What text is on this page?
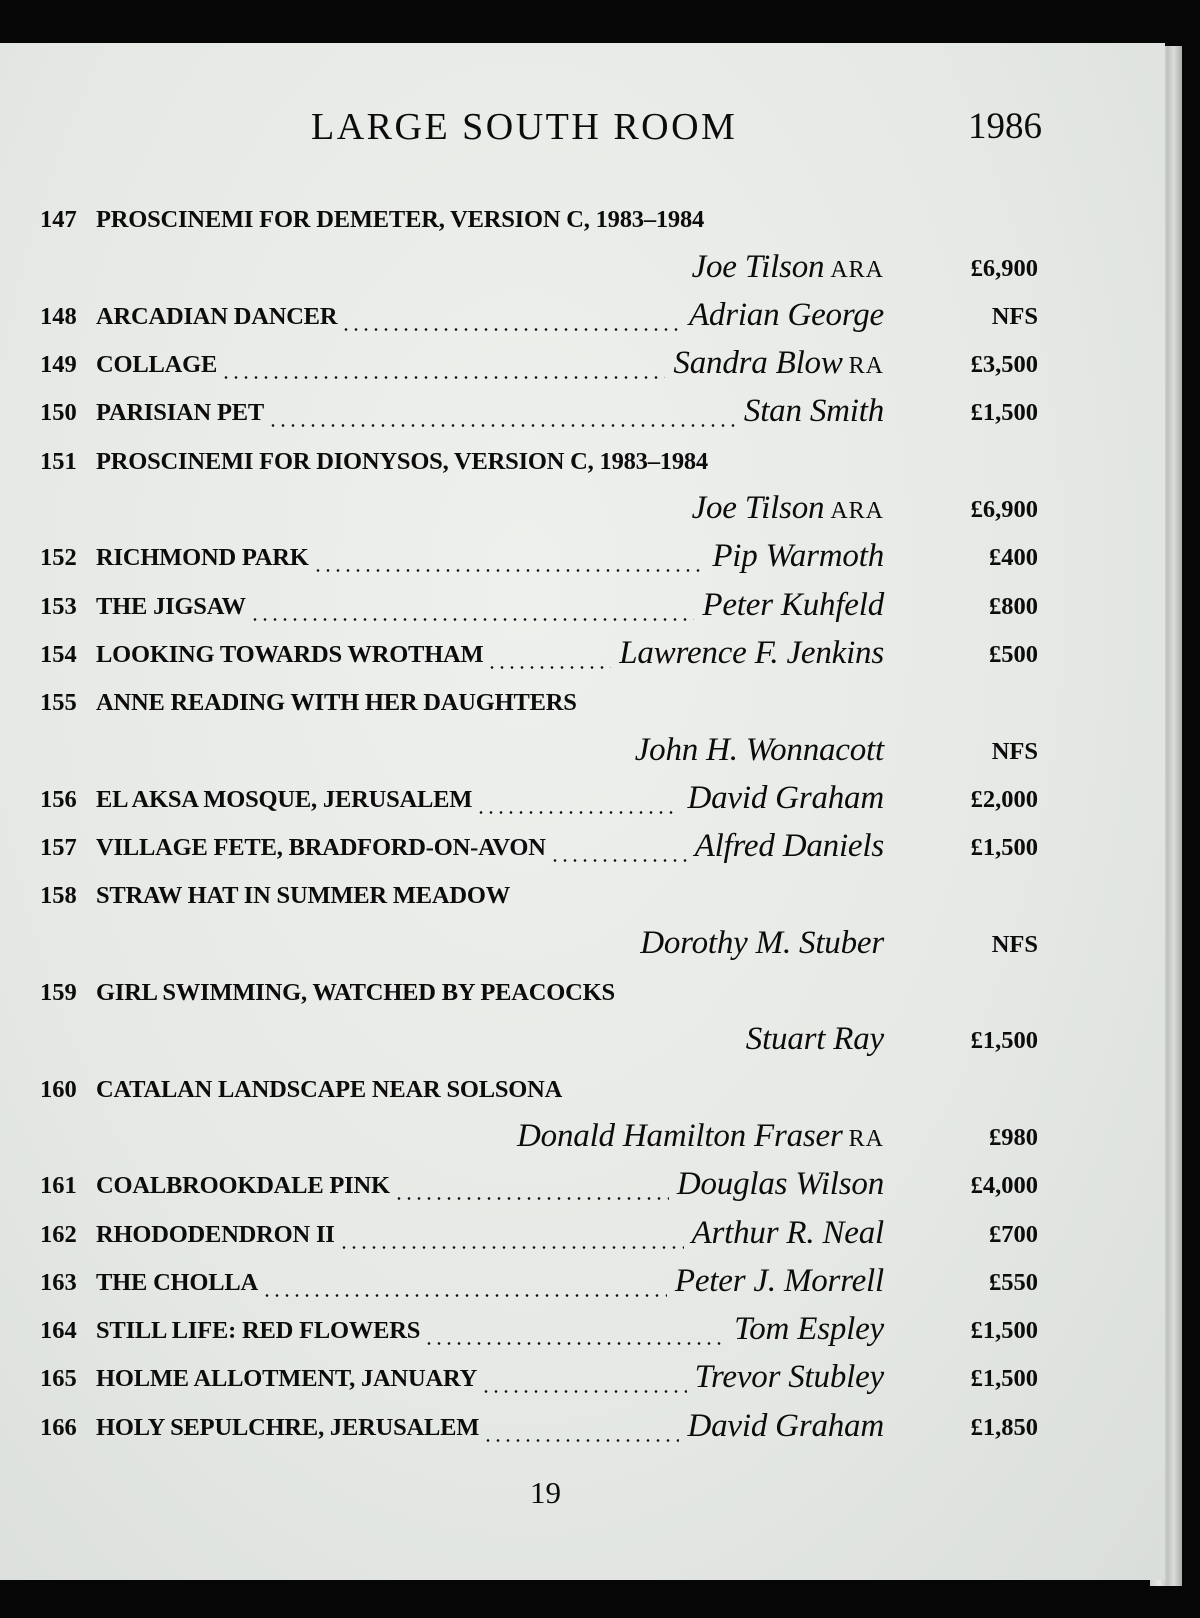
LARGE SOUTH ROOM	1986
147 PROSCINEMI FOR DEMETER, VERSION C, 1983–1984
Joe Tilson ARA	£6,900
148 ARCADIAN DANCER	Adrian George	NFS
149 COLLAGE	Sandra Blow RA	£3,500
150 PARISIAN PET	Stan Smith	£1,500
151 PROSCINEMI FOR DIONYSOS, VERSION C, 1983–1984
Joe Tilson ARA	£6,900
152 RICHMOND PARK	Pip Warmoth	£400
153 THE JIGSAW	Peter Kuhfeld	£800
154 LOOKING TOWARDS WROTHAM	Lawrence F. Jenkins	£500
155 ANNE READING WITH HER DAUGHTERS
John H. Wonnacott	NFS
156 EL AKSA MOSQUE, JERUSALEM	David Graham	£2,000
157 VILLAGE FETE, BRADFORD-ON-AVON	Alfred Daniels	£1,500
158 STRAW HAT IN SUMMER MEADOW
Dorothy M. Stuber	NFS
159 GIRL SWIMMING, WATCHED BY PEACOCKS
Stuart Ray	£1,500
160 CATALAN LANDSCAPE NEAR SOLSONA
Donald Hamilton Fraser RA	£980
161 COALBROOKDALE PINK	Douglas Wilson	£4,000
162 RHODODENDRON II	Arthur R. Neal	£700
163 THE CHOLLA	Peter J. Morrell	£550
164 STILL LIFE: RED FLOWERS	Tom Espley	£1,500
165 HOLME ALLOTMENT, JANUARY	Trevor Stubley	£1,500
166 HOLY SEPULCHRE, JERUSALEM	David Graham	£1,850
19
